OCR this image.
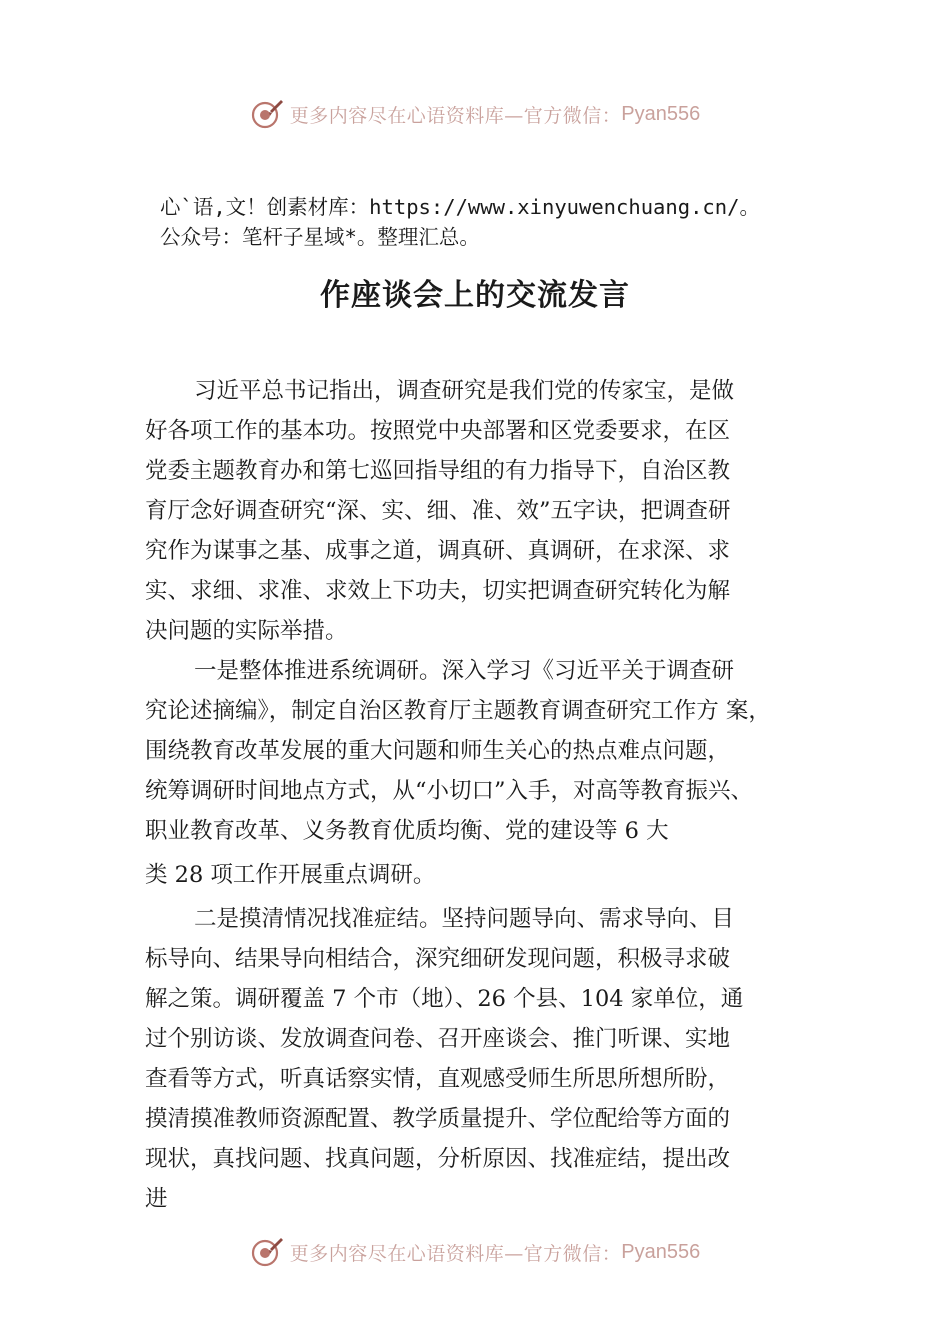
更多内容尽在心语资料库—官方微信： Pyan556
心`语,文！创素材库：https://www.xinyuwenchuang.cn/。
公众号：笔杆子星域*。整理汇总。
作座谈会上的交流发言

习近平总书记指出，调查研究是我们党的传家宝，是做
好各项工作的基本功。按照党中央部署和区党委要求，在区
党委主题教育办和第七巡回指导组的有力指导下，自治区教
育厅念好调查研究“深、实、细、准、效”五字诀，把调查研
究作为谋事之基、成事之道，调真研、真调研，在求深、求
实、求细、求准、求效上下功夫，切实把调查研究转化为解
决问题的实际举措。

一是整体推进系统调研。深入学习《习近平关于调查研
究论述摘编》，制定自治区教育厅主题教育调查研究工作方 案，
围绕教育改革发展的重大问题和师生关心的热点难点问题，
统筹调研时间地点方式，从“小切口”入手，对高等教育振兴、
职业教育改革、义务教育优质均衡、党的建设等 6 大
类 28 项工作开展重点调研。

二是摸清情况找准症结。坚持问题导向、需求导向、目
标导向、结果导向相结合，深究细研发现问题，积极寻求破
解之策。调研覆盖 7 个市（地）、26 个县、104 家单位，通
过个别访谈、发放调查问卷、召开座谈会、推门听课、实地
查看等方式，听真话察实情，直观感受师生所思所想所盼，
摸清摸准教师资源配置、教学质量提升、学位配给等方面的
现状，真找问题、找真问题，分析原因、找准症结，提出改
进

更多内容尽在心语资料库—官方微信： Pyan556
